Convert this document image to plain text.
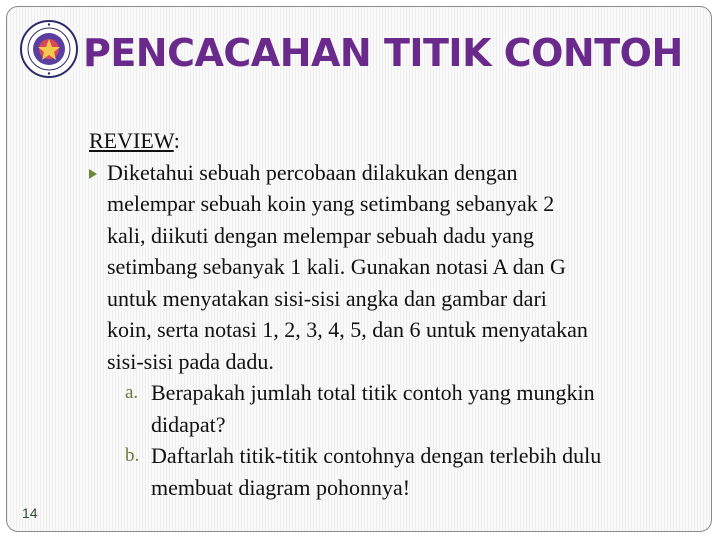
PENCACAHAN TITIK CONTOH

REVIEW:

Diketahui sebuah percobaan dilakukan dengan
melempar sebuah koin yang setimbang sebanyak 2
kali, diikuti dengan melempar sebuah dadu yang
setimbang sebanyak 1 kali. Gunakan notasi A dan G
untuk menyatakan sisi-sisi angka dan gambar dari
koin, serta notasi 1, 2, 3, 4, 5, dan 6 untuk menyatakan
sisi-sisi pada dadu.
a. Berapakah jumlah total titik contoh yang mungkin
didapat?
b. Daftarlah titik-titik contohnya dengan terlebih dulu
membuat diagram pohonnya!
14
